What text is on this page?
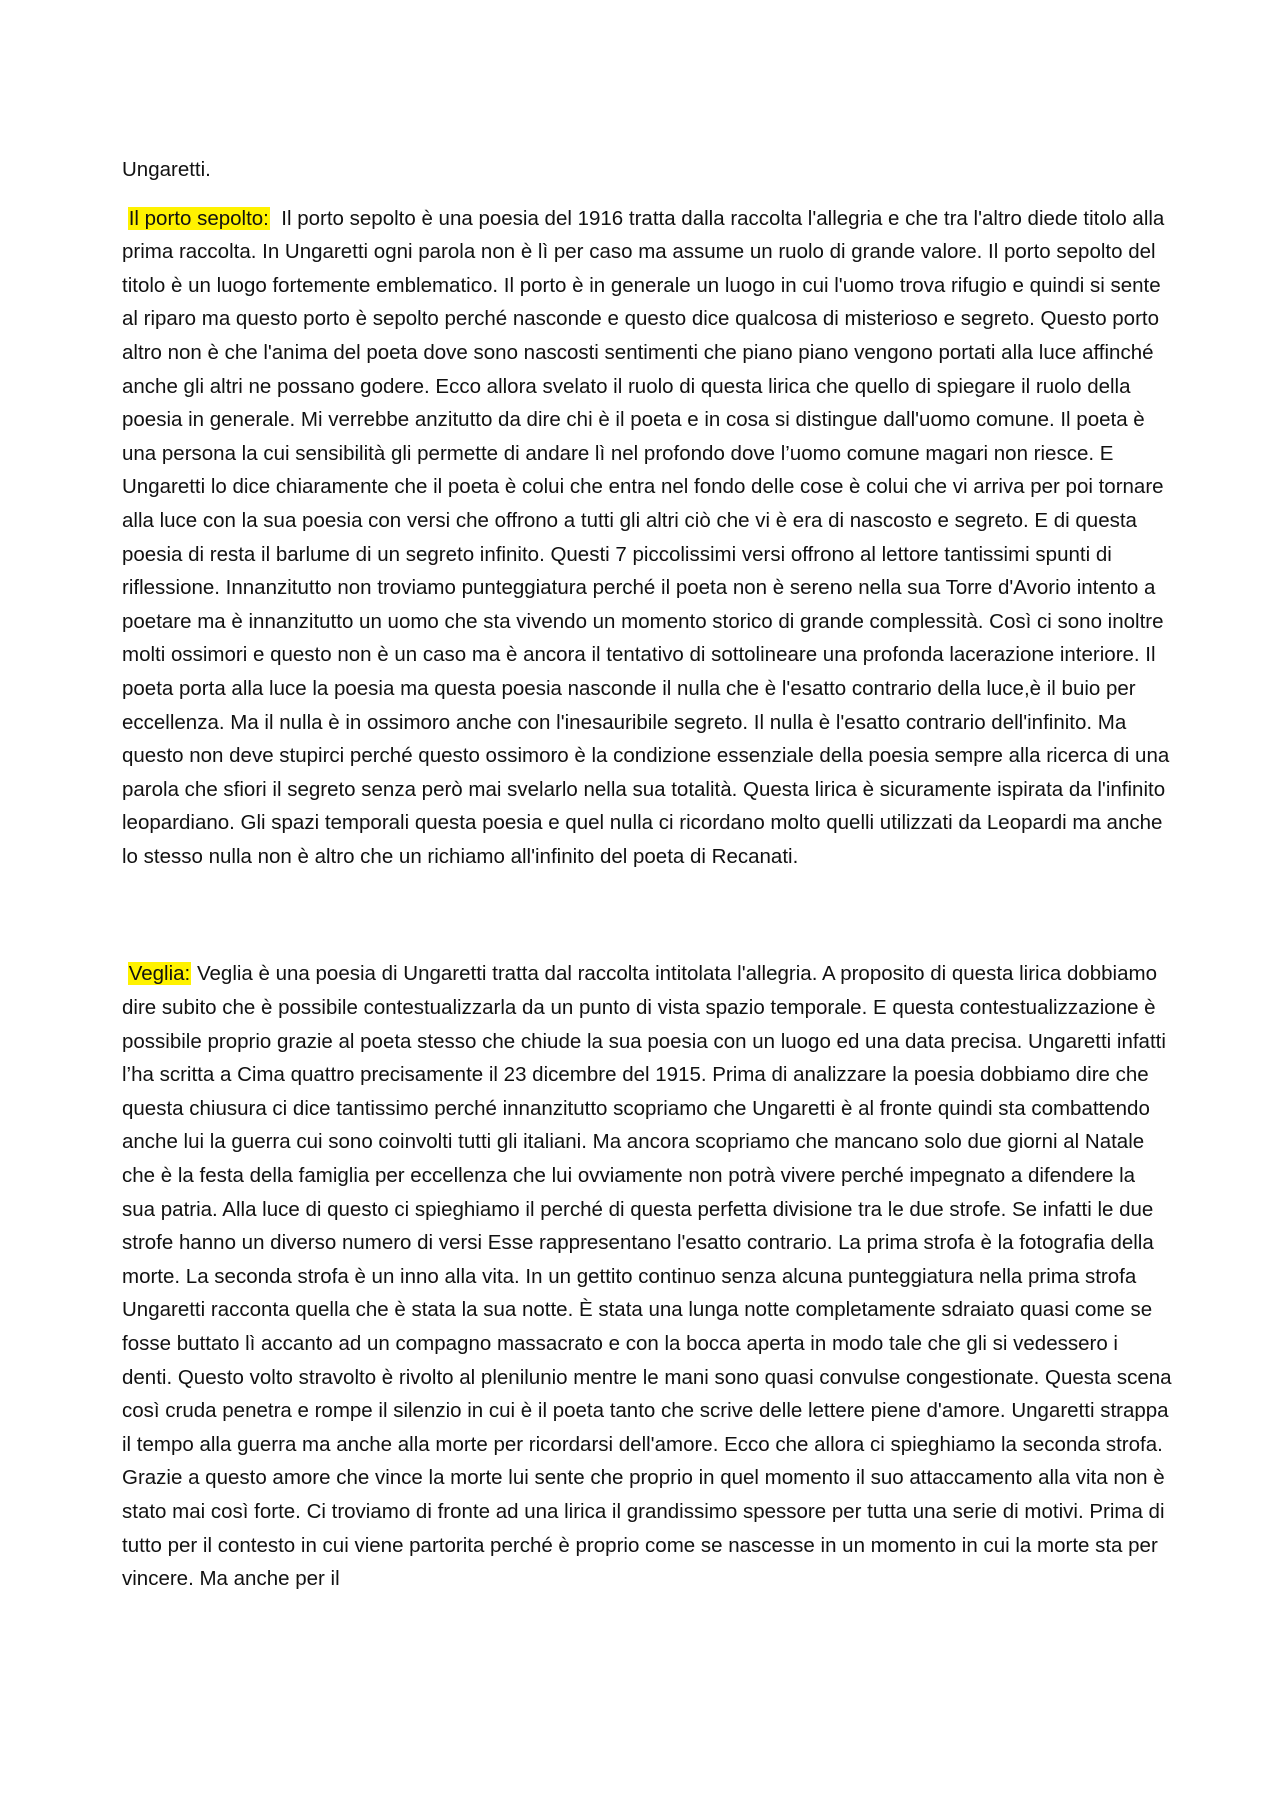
Ungaretti.

Il porto sepolto: Il porto sepolto è una poesia del 1916 tratta dalla raccolta l'allegria e che tra l'altro diede titolo alla prima raccolta. In Ungaretti ogni parola non è lì per caso ma assume un ruolo di grande valore. Il porto sepolto del titolo è un luogo fortemente emblematico. Il porto è in generale un luogo in cui l'uomo trova rifugio e quindi si sente al riparo ma questo porto è sepolto perché nasconde e questo dice qualcosa di misterioso e segreto. Questo porto altro non è che l'anima del poeta dove sono nascosti sentimenti che piano piano vengono portati alla luce affinché anche gli altri ne possano godere. Ecco allora svelato il ruolo di questa lirica che quello di spiegare il ruolo della poesia in generale. Mi verrebbe anzitutto da dire chi è il poeta e in cosa si distingue dall'uomo comune. Il poeta è una persona la cui sensibilità gli permette di andare lì nel profondo dove l’uomo comune magari non riesce. E Ungaretti lo dice chiaramente che il poeta è colui che entra nel fondo delle cose è colui che vi arriva per poi tornare alla luce con la sua poesia con versi che offrono a tutti gli altri ciò che vi è era di nascosto e segreto. E di questa poesia di resta il barlume di un segreto infinito. Questi 7 piccolissimi versi offrono al lettore tantissimi spunti di riflessione. Innanzitutto non troviamo punteggiatura perché il poeta non è sereno nella sua Torre d'Avorio intento a poetare ma è innanzitutto un uomo che sta vivendo un momento storico di grande complessità. Così ci sono inoltre molti ossimori e questo non è un caso ma è ancora il tentativo di sottolineare una profonda lacerazione interiore. Il poeta porta alla luce la poesia ma questa poesia nasconde il nulla che è l'esatto contrario della luce,è il buio per eccellenza. Ma il nulla è in ossimoro anche con l'inesauribile segreto. Il nulla è l'esatto contrario dell'infinito. Ma questo non deve stupirci perché questo ossimoro è la condizione essenziale della poesia sempre alla ricerca di una parola che sfiori il segreto senza però mai svelarlo nella sua totalità. Questa lirica è sicuramente ispirata da l'infinito leopardiano. Gli spazi temporali questa poesia e quel nulla ci ricordano molto quelli utilizzati da Leopardi ma anche lo stesso nulla non è altro che un richiamo all'infinito del poeta di Recanati.

Veglia: Veglia è una poesia di Ungaretti tratta dal raccolta intitolata l'allegria. A proposito di questa lirica dobbiamo dire subito che è possibile contestualizzarla da un punto di vista spazio temporale. E questa contestualizzazione è possibile proprio grazie al poeta stesso che chiude la sua poesia con un luogo ed una data precisa. Ungaretti infatti l’ha scritta a Cima quattro precisamente il 23 dicembre del 1915. Prima di analizzare la poesia dobbiamo dire che questa chiusura ci dice tantissimo perché innanzitutto scopriamo che Ungaretti è al fronte quindi sta combattendo anche lui la guerra cui sono coinvolti tutti gli italiani. Ma ancora scopriamo che mancano solo due giorni al Natale che è la festa della famiglia per eccellenza che lui ovviamente non potrà vivere perché impegnato a difendere la sua patria. Alla luce di questo ci spieghiamo il perché di questa perfetta divisione tra le due strofe. Se infatti le due strofe hanno un diverso numero di versi Esse rappresentano l'esatto contrario. La prima strofa è la fotografia della morte. La seconda strofa è un inno alla vita. In un gettito continuo senza alcuna punteggiatura nella prima strofa Ungaretti racconta quella che è stata la sua notte. È stata una lunga notte completamente sdraiato quasi come se fosse buttato lì accanto ad un compagno massacrato e con la bocca aperta in modo tale che gli si vedessero i denti. Questo volto stravolto è rivolto al plenilunio mentre le mani sono quasi convulse congestionate. Questa scena così cruda penetra e rompe il silenzio in cui è il poeta tanto che scrive delle lettere piene d'amore. Ungaretti strappa il tempo alla guerra ma anche alla morte per ricordarsi dell'amore. Ecco che allora ci spieghiamo la seconda strofa. Grazie a questo amore che vince la morte lui sente che proprio in quel momento il suo attaccamento alla vita non è stato mai così forte. Ci troviamo di fronte ad una lirica il grandissimo spessore per tutta una serie di motivi. Prima di tutto per il contesto in cui viene partorita perché è proprio come se nascesse in un momento in cui la morte sta per vincere. Ma anche per il
